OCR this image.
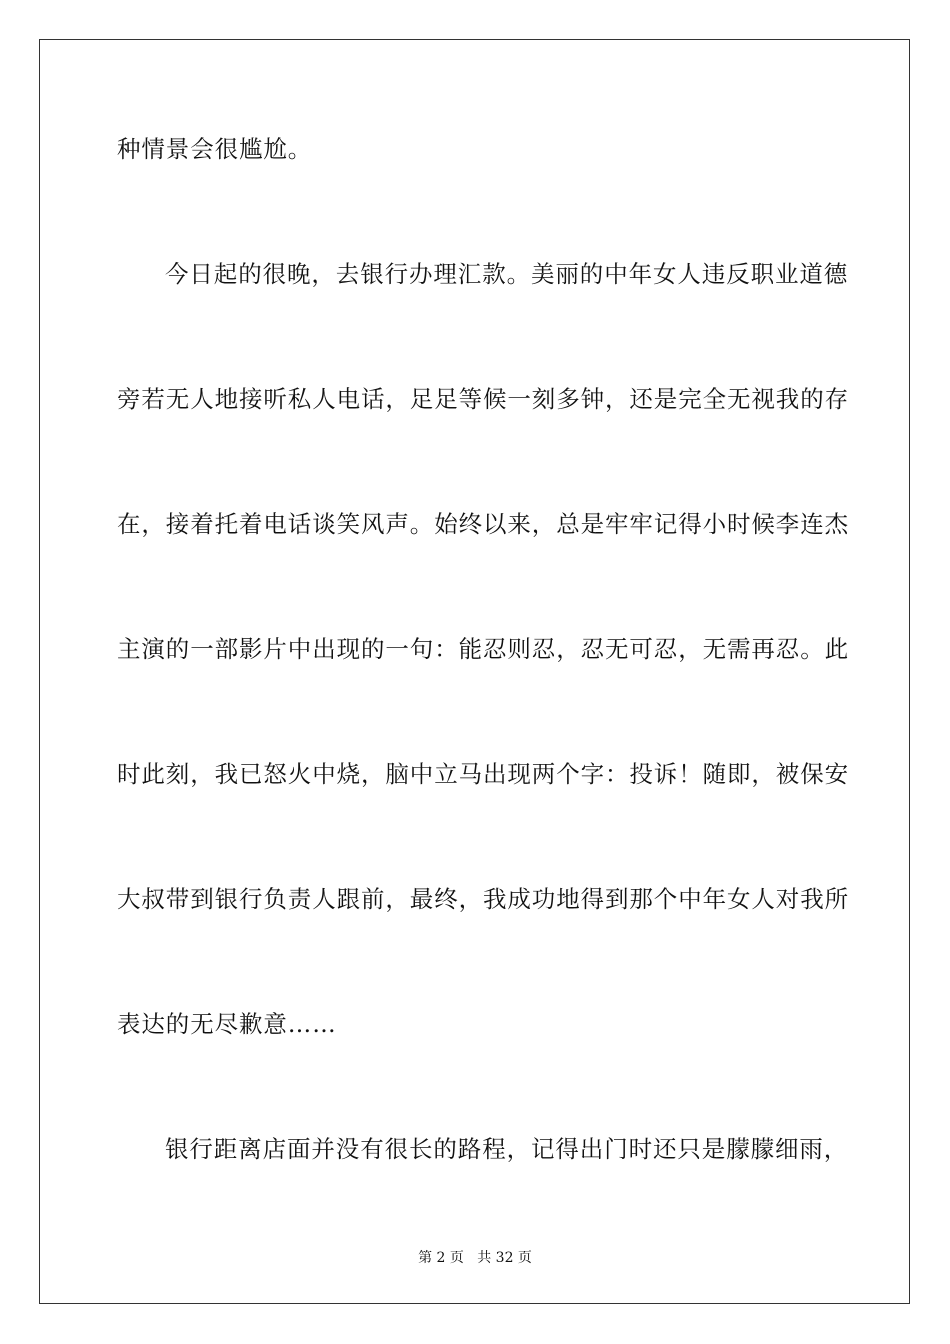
种情景会很尴尬。
今日起的很晚，去银行办理汇款。美丽的中年女人违反职业道德
旁若无人地接听私人电话，足足等候一刻多钟，还是完全无视我的存
在，接着托着电话谈笑风声。始终以来，总是牢牢记得小时候李连杰
主演的一部影片中出现的一句：能忍则忍，忍无可忍，无需再忍。此
时此刻，我已怒火中烧，脑中立马出现两个字：投诉！随即，被保安
大叔带到银行负责人跟前，最终，我成功地得到那个中年女人对我所
表达的无尽歉意……
银行距离店面并没有很长的路程，记得出门时还只是朦朦细雨，
第 2 页   共 32 页
